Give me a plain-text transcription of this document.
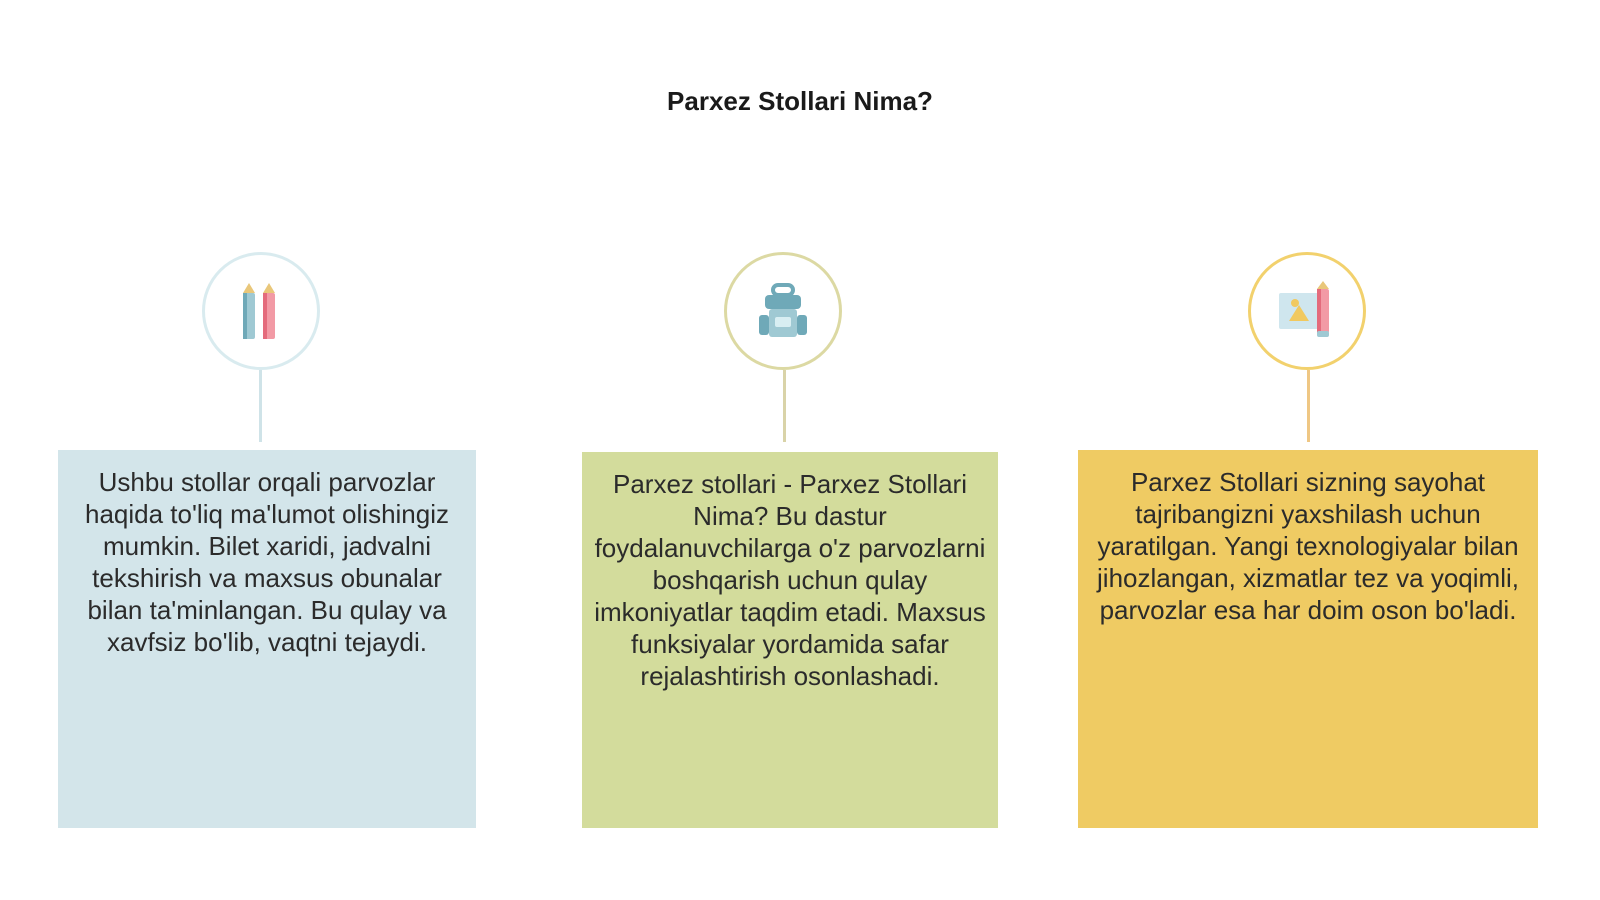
Parxez Stollari Nima?

Ushbu stollar orqali parvozlar haqida to'liq ma'lumot olishingiz mumkin. Bilet xaridi, jadvalni tekshirish va maxsus obunalar bilan ta'minlangan. Bu qulay va xavfsiz bo'lib, vaqtni tejaydi.

Parxez stollari - Parxez Stollari Nima? Bu dastur foydalanuvchilarga o'z parvozlarni boshqarish uchun qulay imkoniyatlar taqdim etadi. Maxsus funksiyalar yordamida safar rejalashtirish osonlashadi.

Parxez Stollari sizning sayohat tajribangizni yaxshilash uchun yaratilgan. Yangi texnologiyalar bilan jihozlangan, xizmatlar tez va yoqimli, parvozlar esa har doim oson bo'ladi.
